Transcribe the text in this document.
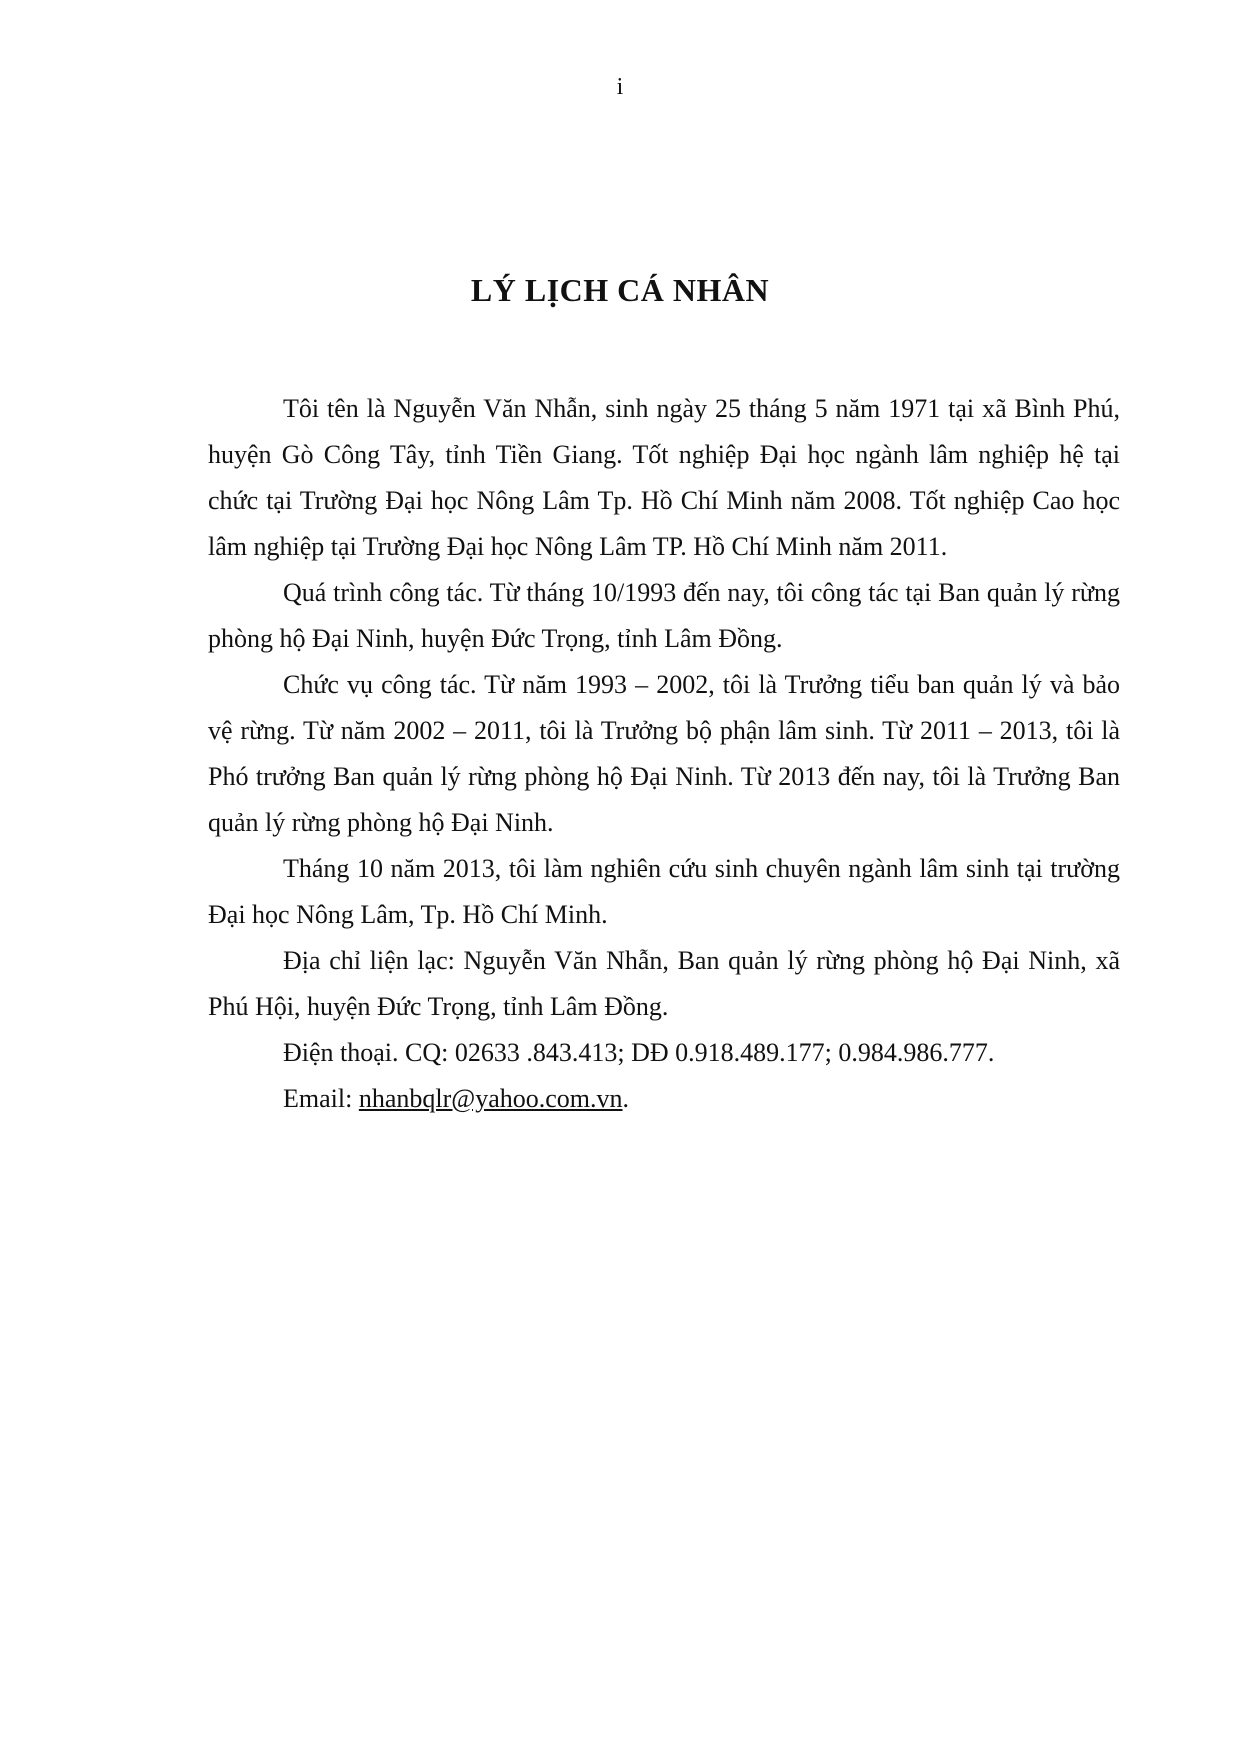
i
LÝ LỊCH CÁ NHÂN

Tôi tên là Nguyễn Văn Nhẫn, sinh ngày 25 tháng 5 năm 1971 tại xã Bình Phú, huyện Gò Công Tây, tỉnh Tiền Giang. Tốt nghiệp Đại học ngành lâm nghiệp hệ tại chức tại Trường Đại học Nông Lâm Tp. Hồ Chí Minh năm 2008. Tốt nghiệp Cao học lâm nghiệp tại Trường Đại học Nông Lâm TP. Hồ Chí Minh năm 2011.

Quá trình công tác. Từ tháng 10/1993 đến nay, tôi công tác tại Ban quản lý rừng phòng hộ Đại Ninh, huyện Đức Trọng, tỉnh Lâm Đồng.

Chức vụ công tác. Từ năm 1993 – 2002, tôi là Trưởng tiểu ban quản lý và bảo vệ rừng. Từ năm 2002 – 2011, tôi là Trưởng bộ phận lâm sinh. Từ 2011 – 2013, tôi là Phó trưởng Ban quản lý rừng phòng hộ Đại Ninh. Từ 2013 đến nay, tôi là Trưởng Ban quản lý rừng phòng hộ Đại Ninh.

Tháng 10 năm 2013, tôi làm nghiên cứu sinh chuyên ngành lâm sinh tại trường Đại học Nông Lâm, Tp. Hồ Chí Minh.

Địa chỉ liện lạc: Nguyễn Văn Nhẫn, Ban quản lý rừng phòng hộ Đại Ninh, xã Phú Hội, huyện Đức Trọng, tỉnh Lâm Đồng.

Điện thoại. CQ: 02633 .843.413; DĐ 0.918.489.177; 0.984.986.777.

Email: nhanbqlr@yahoo.com.vn.
